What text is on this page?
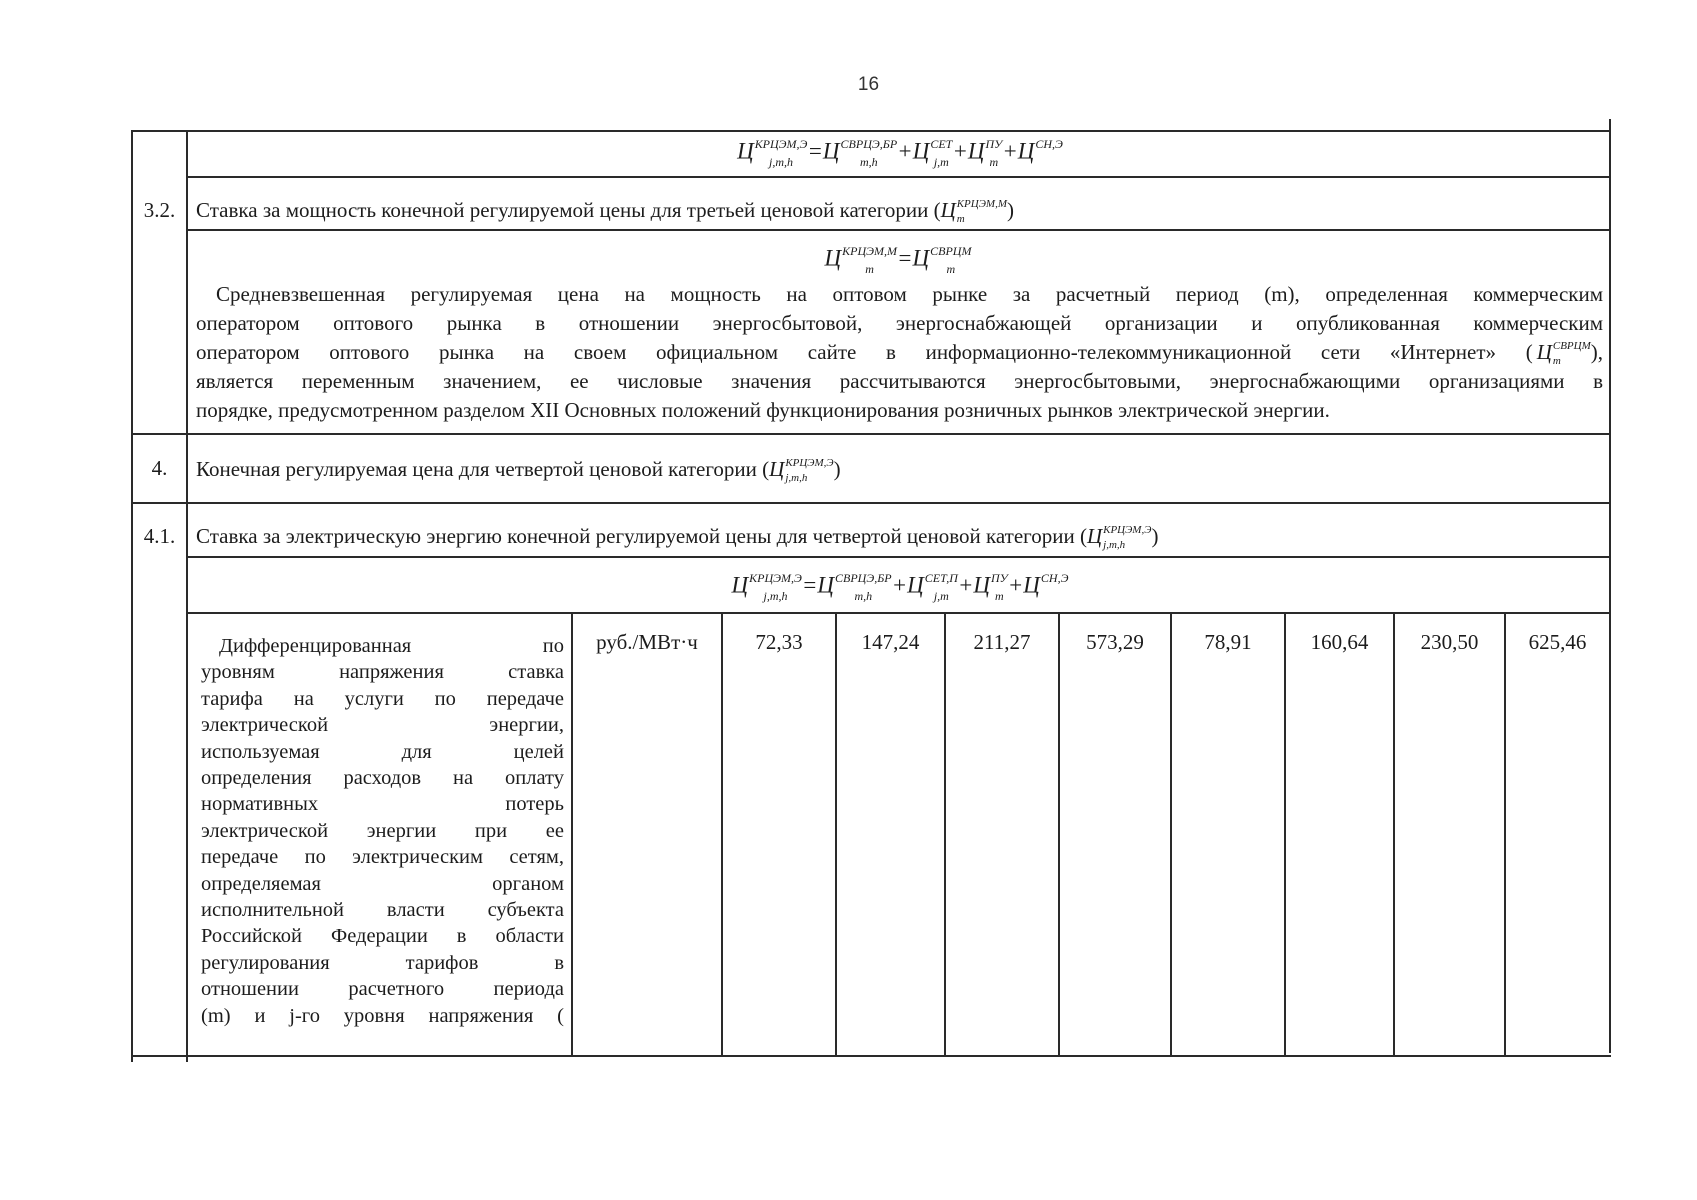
16
Ц КРЦЭМ,Э
j,m,h =Ц СВРЦЭ,БР
m,h +Ц СЕТ
j,m +Ц ПУ
m +Ц СН,Э

3.2. Ставка за мощность конечной регулируемой цены для третьей ценовой категории (Ц КРЦЭМ,М
m	)
Ц КРЦЭМ,М
m	=Ц СВРЦМ
m
Средневзвешенная регулируемая цена на мощность на оптовом рынке за расчетный период (m), определенная коммерческим
оператором оптового рынка в отношении энергосбытовой, энергоснабжающей организации и опубликованная коммерческим
оператором оптового рынка на своем официальном сайте в информационно-телекоммуникационной сети «Интернет» ( Ц СВРЦМ
m	),
является переменным значением, ее числовые значения рассчитываются энергосбытовыми, энергоснабжающими организациями в
порядке, предусмотренном разделом XII Основных положений функционирования розничных рынков электрической энергии.
4.	Конечная регулируемая цена для четвертой ценовой категории (Ц КРЦЭМ,Э
j,m,h	)
4.1. Ставка за электрическую энергию конечной регулируемой цены для четвертой ценовой категории (Ц КРЦЭМ,Э
j,m,h	)
Ц КРЦЭМ,Э
j,m,h =Ц СВРЦЭ,БР
m,h +Ц СЕТ,П
j,m +Ц ПУ
m +Ц СН,Э

Дифференцированная по
уровням напряжения ставка
тарифа на услуги по передаче
электрической энергии,
используемая для целей
определения расходов на оплату
нормативных потерь
электрической энергии при ее
передаче по электрическим сетям,
определяемая органом
исполнительной власти субъекта
Российской Федерации в области
регулирования тарифов в
отношении расчетного периода
(m) и j-го уровня напряжения (
руб./МВт·ч	72,33	147,24	211,27	573,29	78,91	160,64	230,50	625,46
